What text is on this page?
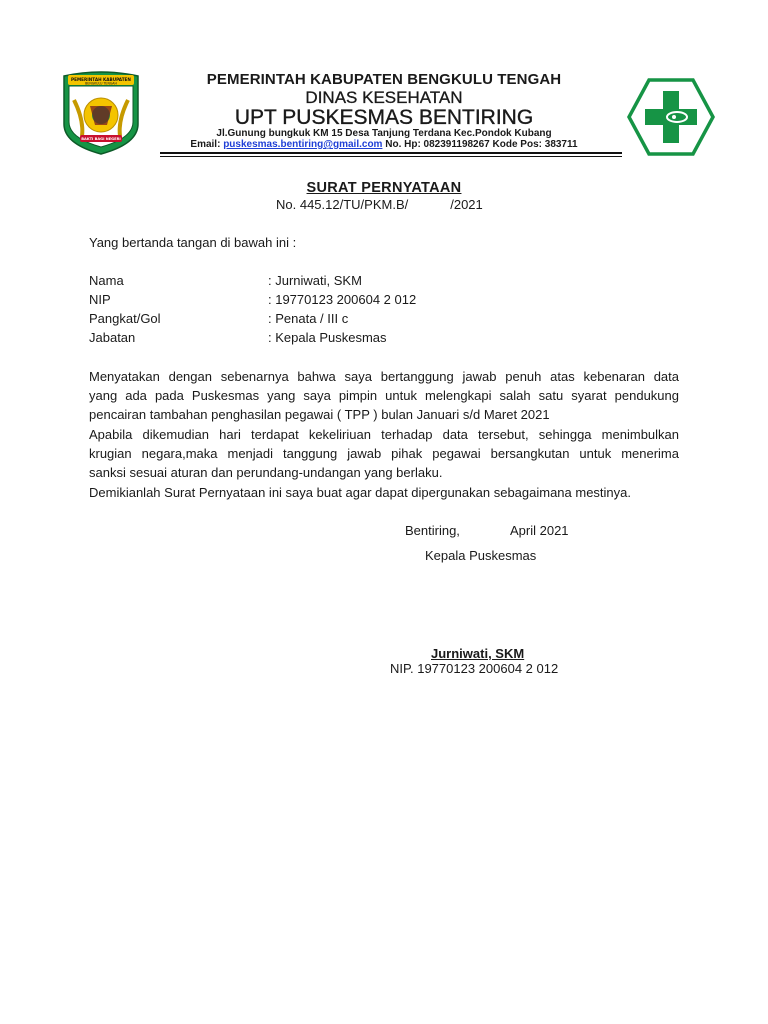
PEMERINTAH KABUPATEN
BENGKULU TENGAH
BAKTI BAGI NEGERI
PEMERINTAH KABUPATEN BENGKULU TENGAH
DINAS KESEHATAN
UPT PUSKESMAS BENTIRING
Jl.Gunung bungkuk KM 15 Desa Tanjung Terdana Kec.Pondok Kubang
Email: puskesmas.bentiring@gmail.com No. Hp: 082391198267 Kode Pos: 383711
SURAT PERNYATAAN
No. 445.12/TU/PKM.B/	/2021
Yang bertanda tangan di bawah ini :
Nama	: Jurniwati, SKM
NIP	: 19770123 200604 2 012
Pangkat/Gol	: Penata / III c
Jabatan	: Kepala Puskesmas
Menyatakan dengan sebenarnya bahwa saya bertanggung jawab penuh atas kebenaran data
yang ada pada Puskesmas yang saya pimpin untuk melengkapi salah satu syarat pendukung
pencairan tambahan penghasilan pegawai ( TPP ) bulan Januari s/d Maret 2021
Apabila dikemudian hari terdapat kekeliriuan terhadap data tersebut, sehingga menimbulkan
krugian negara,maka menjadi tanggung jawab pihak pegawai bersangkutan untuk menerima
sanksi sesuai aturan dan perundang-undangan yang berlaku.
Demikianlah Surat Pernyataan ini saya buat agar dapat dipergunakan sebagaimana mestinya.
Bentiring,	April 2021
Kepala Puskesmas
Jurniwati, SKM
NIP. 19770123 200604 2 012
